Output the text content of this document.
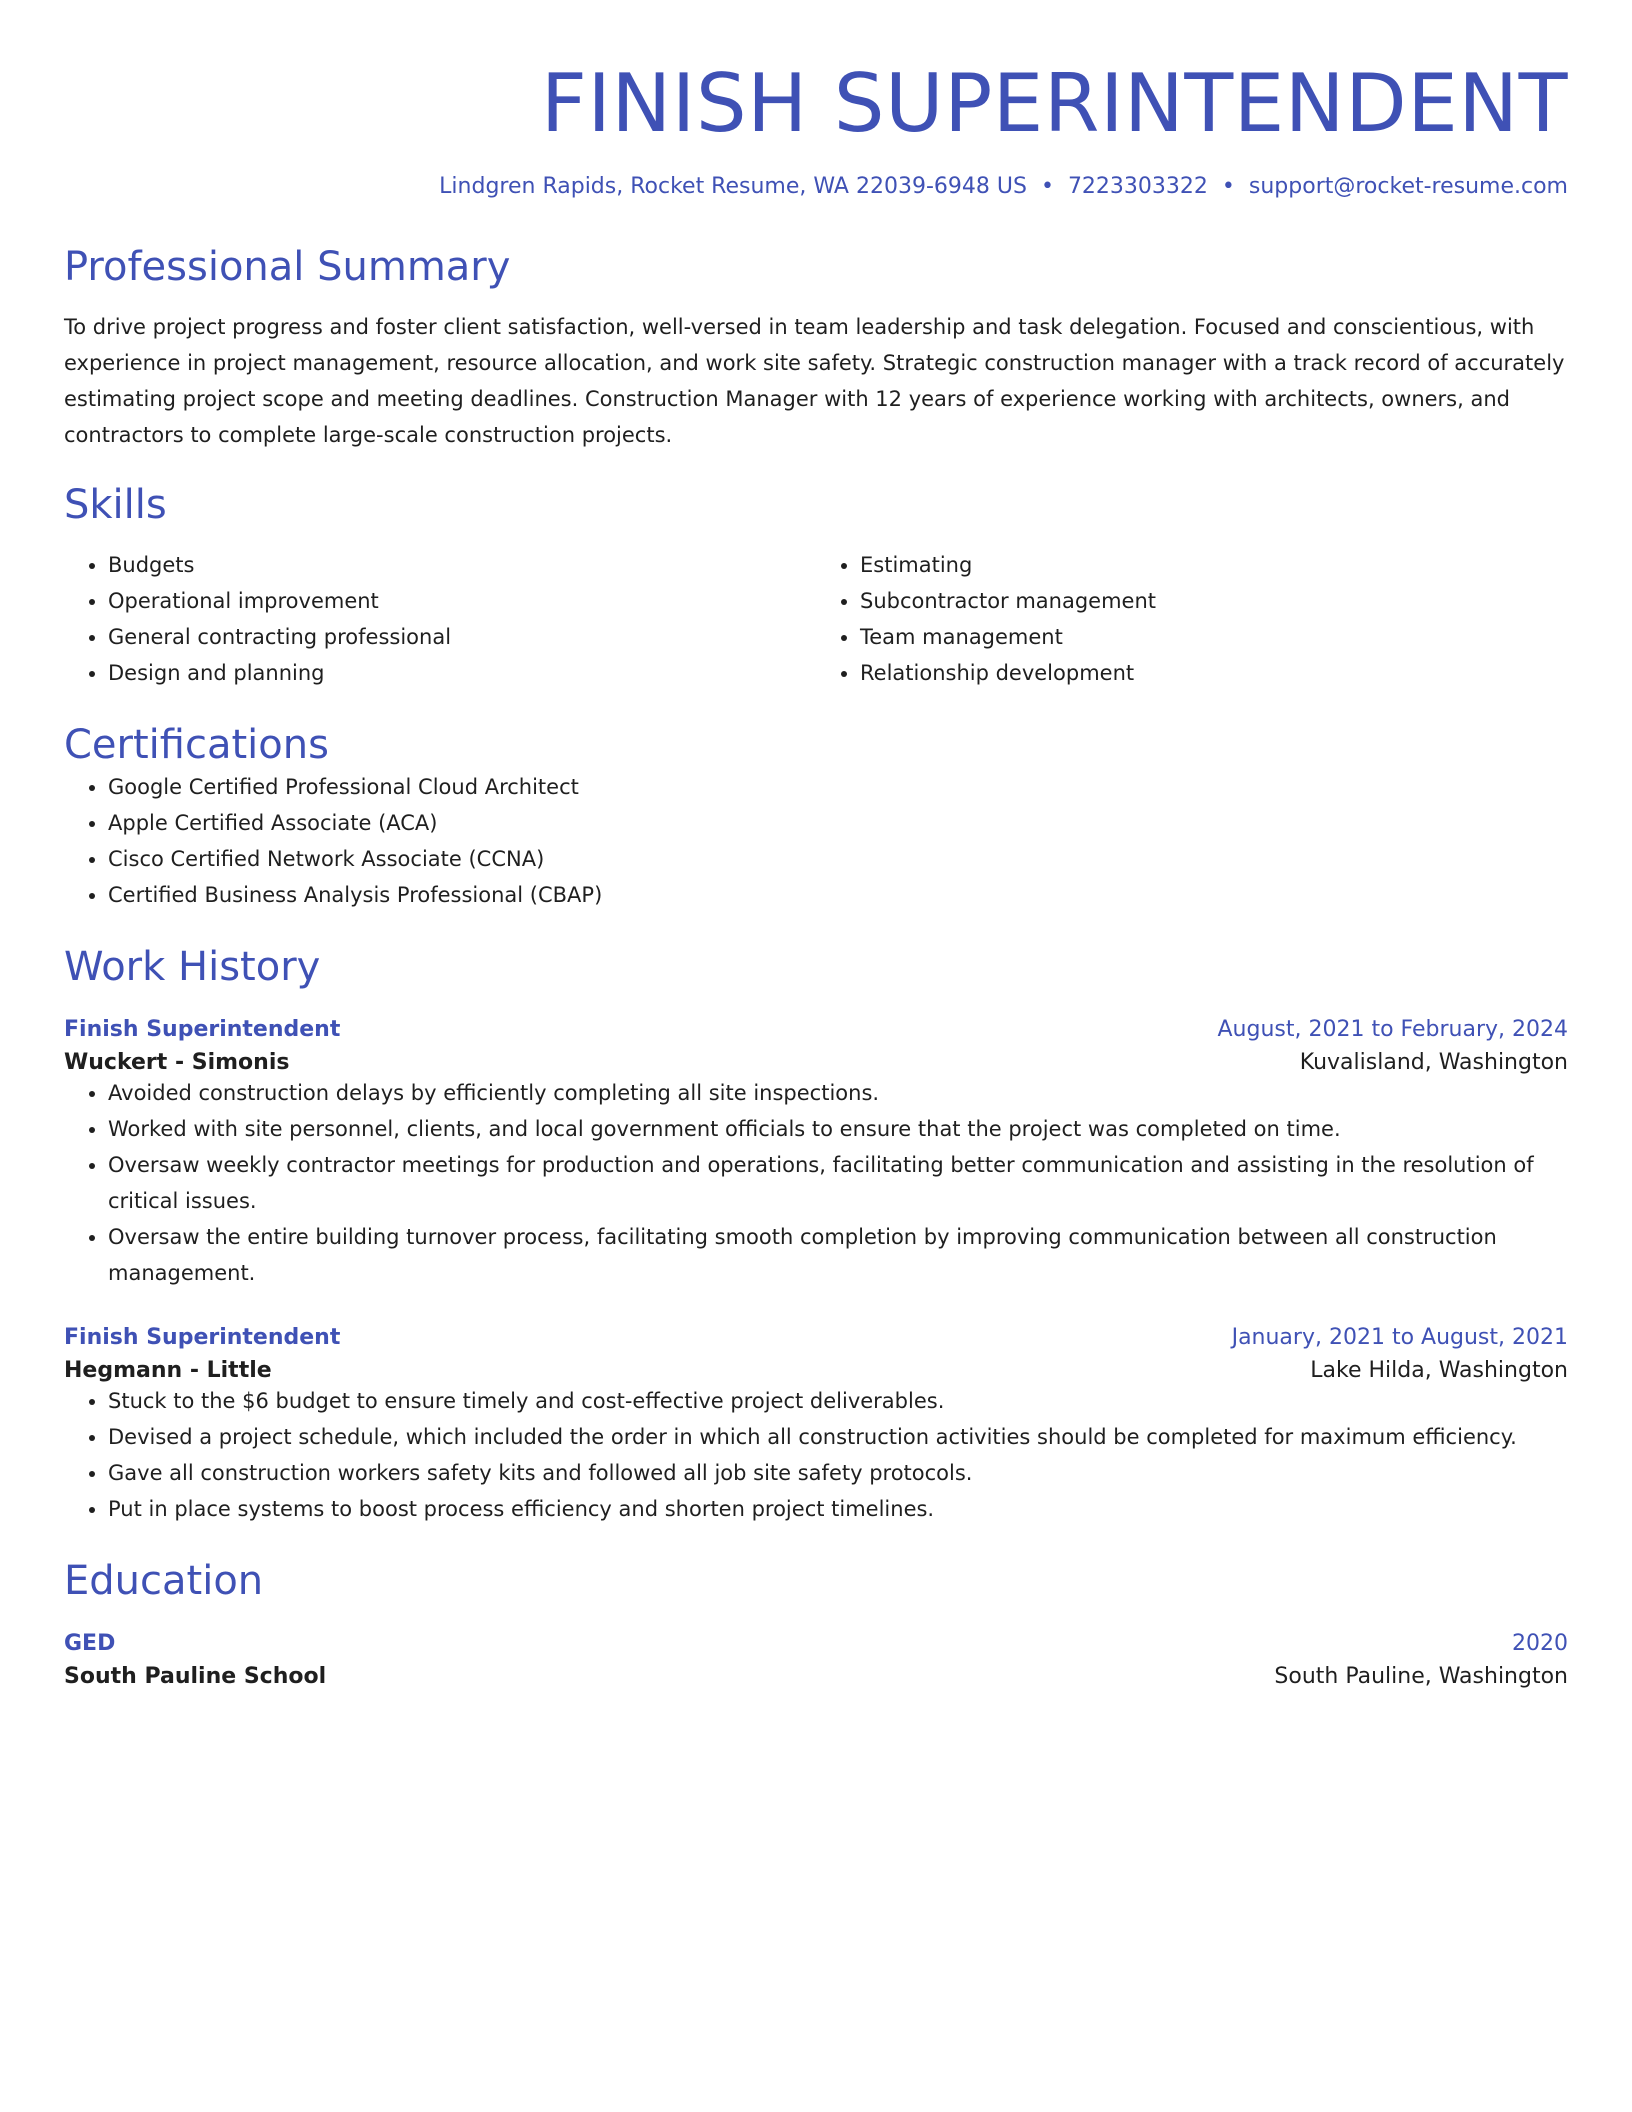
FINISH SUPERINTENDENT
Lindgren Rapids, Rocket Resume, WA 22039-6948 US • 7223303322 • support@rocket-resume.com
Professional Summary

To drive project progress and foster client satisfaction, well-versed in team leadership and task delegation. Focused and conscientious, with experience in project management, resource allocation, and work site safety. Strategic construction manager with a track record of accurately estimating project scope and meeting deadlines. Construction Manager with 12 years of experience working with architects, owners, and contractors to complete large-scale construction projects.

Skills
• Budgets
• Operational improvement
• General contracting professional
• Design and planning
• Estimating
• Subcontractor management
• Team management
• Relationship development
Certifications
• Google Certified Professional Cloud Architect
• Apple Certified Associate (ACA)
• Cisco Certified Network Associate (CCNA)
• Certified Business Analysis Professional (CBAP)
Work History
Finish Superintendent	August, 2021 to February, 2024
Wuckert - Simonis	Kuvalisland, Washington
• Avoided construction delays by efficiently completing all site inspections.
• Worked with site personnel, clients, and local government officials to ensure that the project was completed on time.
• Oversaw weekly contractor meetings for production and operations, facilitating better communication and assisting in the resolution of critical issues.
• Oversaw the entire building turnover process, facilitating smooth completion by improving communication between all construction management.
Finish Superintendent	January, 2021 to August, 2021
Hegmann - Little	Lake Hilda, Washington
• Stuck to the $6 budget to ensure timely and cost-effective project deliverables.
• Devised a project schedule, which included the order in which all construction activities should be completed for maximum efficiency.
• Gave all construction workers safety kits and followed all job site safety protocols.
• Put in place systems to boost process efficiency and shorten project timelines.
Education
GED	2020
South Pauline School	South Pauline, Washington
